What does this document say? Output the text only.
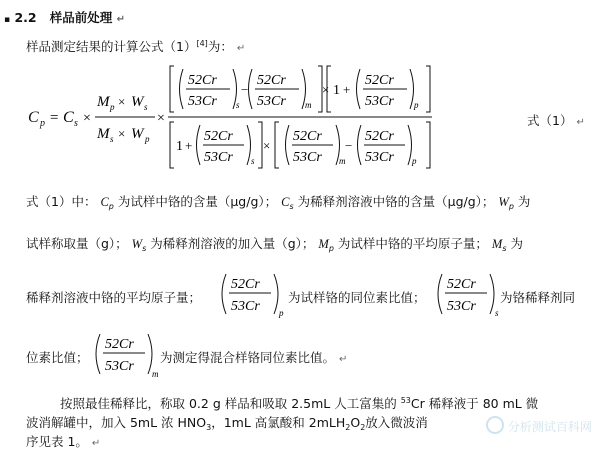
▪ 2.2 样品前处理 ↵
样品测定结果的计算公式（1）[4]为： ↵
C p = C s ×
M p × W s
M s × W p
×
52Cr
53Cr s
−
52Cr
53Cr m
× 1 +
52Cr
53Cr p
1 +
52Cr
53Cr s
×
52Cr
53Cr m
−
52Cr
53Cr p
式（1） ↵
式（1）中： $C_p$ 为试样中铬的含量（μg/g）； $C_s$ 为稀释剂溶液中铬的含量（μg/g）； $W_p$ 为
试样称取量（g）； $W_s$ 为稀释剂溶液的加入量（g）； $M_p$ 为试样中铬的平均原子量； $M_s$ 为
稀释剂溶液中铬的平均原子量；
52Cr
53Cr p
为试样铬的同位素比值；
52Cr
53Cr s
为铬稀释剂同
位素比值；
52Cr
53Cr m
为测定得混合样铬同位素比值。 ↵
按照最佳稀释比，称取 0.2 g 样品和吸取 2.5mL 人工富集的 $^{53}$Cr 稀释液于 80 mL 微
波消解罐中，加入 5mL 浓 $HNO_3$，1mL 高氯酸和 $2mLH_2O_2$放入微波消
序见表 1。 ↵
分析测试百科网
